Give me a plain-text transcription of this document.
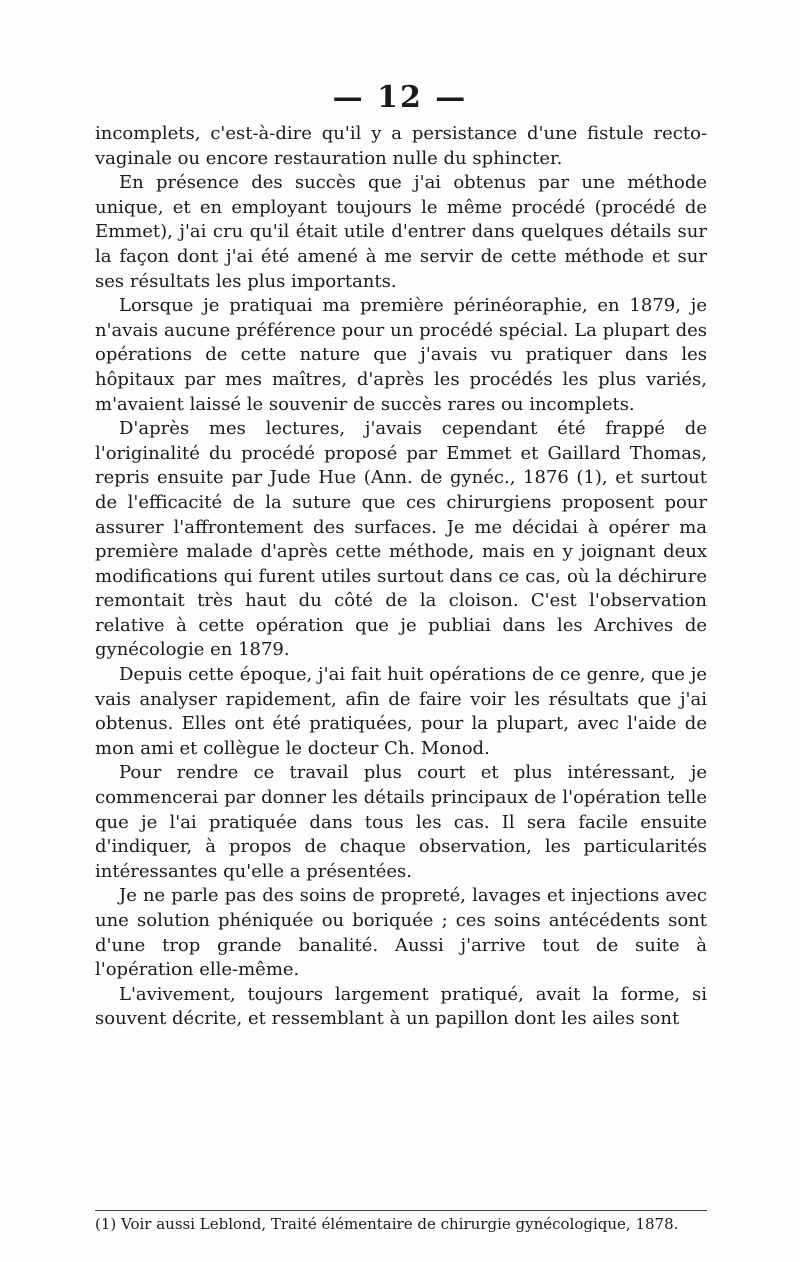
— 12 —

incomplets, c'est-à-dire qu'il y a persistance d'une fistule recto-vaginale ou encore restauration nulle du sphincter.

En présence des succès que j'ai obtenus par une méthode unique, et en employant toujours le même procédé (procédé de Emmet), j'ai cru qu'il était utile d'entrer dans quelques détails sur la façon dont j'ai été amené à me servir de cette méthode et sur ses résultats les plus importants.

Lorsque je pratiquai ma première périnéoraphie, en 1879, je n'avais aucune préférence pour un procédé spécial. La plupart des opérations de cette nature que j'avais vu pratiquer dans les hôpitaux par mes maîtres, d'après les procédés les plus variés, m'avaient laissé le souvenir de succès rares ou incomplets.

D'après mes lectures, j'avais cependant été frappé de l'originalité du procédé proposé par Emmet et Gaillard Thomas, repris ensuite par Jude Hue (Ann. de gynéc., 1876 (1), et surtout de l'efficacité de la suture que ces chirurgiens proposent pour assurer l'affrontement des surfaces. Je me décidai à opérer ma première malade d'après cette méthode, mais en y joignant deux modifications qui furent utiles surtout dans ce cas, où la déchirure remontait très haut du côté de la cloison. C'est l'observation relative à cette opération que je publiai dans les Archives de gynécologie en 1879.

Depuis cette époque, j'ai fait huit opérations de ce genre, que je vais analyser rapidement, afin de faire voir les résultats que j'ai obtenus. Elles ont été pratiquées, pour la plupart, avec l'aide de mon ami et collègue le docteur Ch. Monod.

Pour rendre ce travail plus court et plus intéressant, je commencerai par donner les détails principaux de l'opération telle que je l'ai pratiquée dans tous les cas. Il sera facile ensuite d'indiquer, à propos de chaque observation, les particularités intéressantes qu'elle a présentées.

Je ne parle pas des soins de propreté, lavages et injections avec une solution phéniquée ou boriquée ; ces soins antécédents sont d'une trop grande banalité. Aussi j'arrive tout de suite à l'opération elle-même.

L'avivement, toujours largement pratiqué, avait la forme, si souvent décrite, et ressemblant à un papillon dont les ailes sont

(1) Voir aussi Leblond, Traité élémentaire de chirurgie gynécologique, 1878.
